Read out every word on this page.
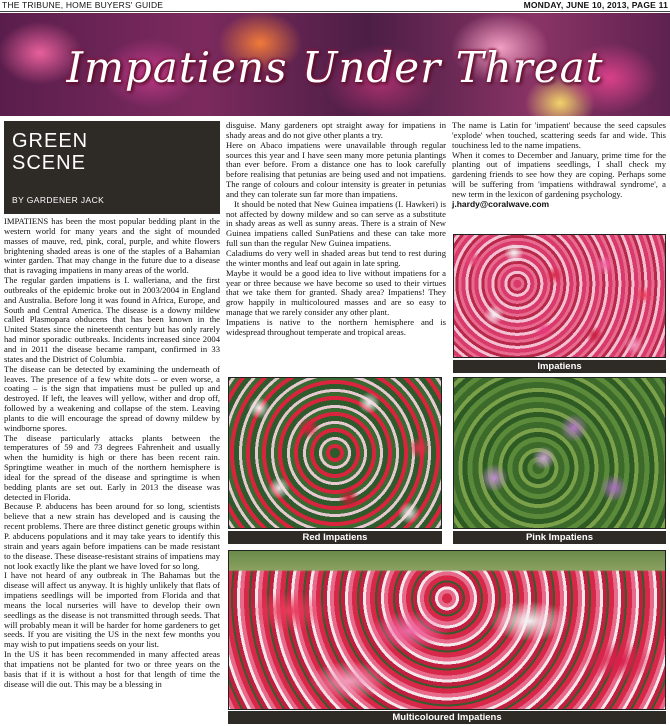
THE TRIBUNE, HOME BUYERS' GUIDE	MONDAY, JUNE 10, 2013, PAGE 11
Impatiens Under Threat
GREEN
SCENE
BY GARDENER JACK

IMPATIENS has been the most popular bedding plant in the western world for many years and the sight of mounded masses of mauve, red, pink, coral, purple, and white flowers brightening shaded areas is one of the staples of a Bahamian winter garden. That may change in the future due to a disease that is ravaging impatiens in many areas of the world.

The regular garden impatiens is I. walleriana, and the first outbreaks of the epidemic broke out in 2003/2004 in England and Australia. Before long it was found in Africa, Europe, and South and Central America. The disease is a downy mildew called Plasmopara obducens that has been known in the United States since the nineteenth century but has only rarely had minor sporadic outbreaks. Incidents increased since 2004 and in 2011 the disease became rampant, confirmed in 33 states and the District of Columbia.

The disease can be detected by examining the underneath of leaves. The presence of a few white dots – or even worse, a coating – is the sign that impatiens must be pulled up and destroyed. If left, the leaves will yellow, wither and drop off, followed by a weakening and collapse of the stem. Leaving plants to die will encourage the spread of downy mildew by windborne spores.

The disease particularly attacks plants between the temperatures of 59 and 73 degrees Fahrenheit and usually when the humidity is high or there has been recent rain. Springtime weather in much of the northern hemisphere is ideal for the spread of the disease and springtime is when bedding plants are set out. Early in 2013 the disease was detected in Florida.

Because P. abducens has been around for so long, scientists believe that a new strain has developed and is causing the recent problems. There are three distinct genetic groups within P. abducens populations and it may take years to identify this strain and years again before impatiens can be made resistant to the disease. These disease-resistant strains of impatiens may not look exactly like the plant we have loved for so long.

I have not heard of any outbreak in The Bahamas but the disease will affect us anyway. It is highly unlikely that flats of impatiens seedlings will be imported from Florida and that means the local nurseries will have to develop their own seedlings as the disease is not transmitted through seeds. That will probably mean it will be harder for home gardeners to get seeds. If you are visiting the US in the next few months you may wish to put impatiens seeds on your list.

In the US it has been recommended in many affected areas that impatiens not be planted for two or three years on the basis that if it is without a host for that length of time the disease will die out. This may be a blessing in

disguise. Many gardeners opt straight away for impatiens in shady areas and do not give other plants a try.

Here on Abaco impatiens were unavailable through regular sources this year and I have seen many more petunia plantings than ever before. From a distance one has to look carefully before realising that petunias are being used and not impatiens. The range of colours and colour intensity is greater in petunias and they can tolerate sun far more than impatiens.

It should be noted that New Guinea impatiens (I. Hawkeri) is not affected by downy mildew and so can serve as a substitute in shady areas as well as sunny areas. There is a strain of New Guinea impatiens called SunPatiens and these can take more full sun than the regular New Guinea impatiens.

Caladiums do very well in shaded areas but tend to rest during the winter months and leaf out again in late spring.

Maybe it would be a good idea to live without impatiens for a year or three because we have become so used to their virtues that we take them for granted. Shady area? Impatiens! They grow happily in multicoloured masses and are so easy to manage that we rarely consider any other plant.

Impatiens is native to the northern hemisphere and is widespread throughout temperate and tropical areas.

The name is Latin for 'impatient' because the seed capsules 'explode' when touched, scattering seeds far and wide. This touchiness led to the name impatiens.

When it comes to December and January, prime time for the planting out of impatiens seedlings, I shall check my gardening friends to see how they are coping. Perhaps some will be suffering from 'impatiens withdrawal syndrome', a new term in the lexicon of gardening psychology.

j.hardy@coralwave.com

Impatiens
Red Impatiens	Pink Impatiens
Multicoloured Impatiens
